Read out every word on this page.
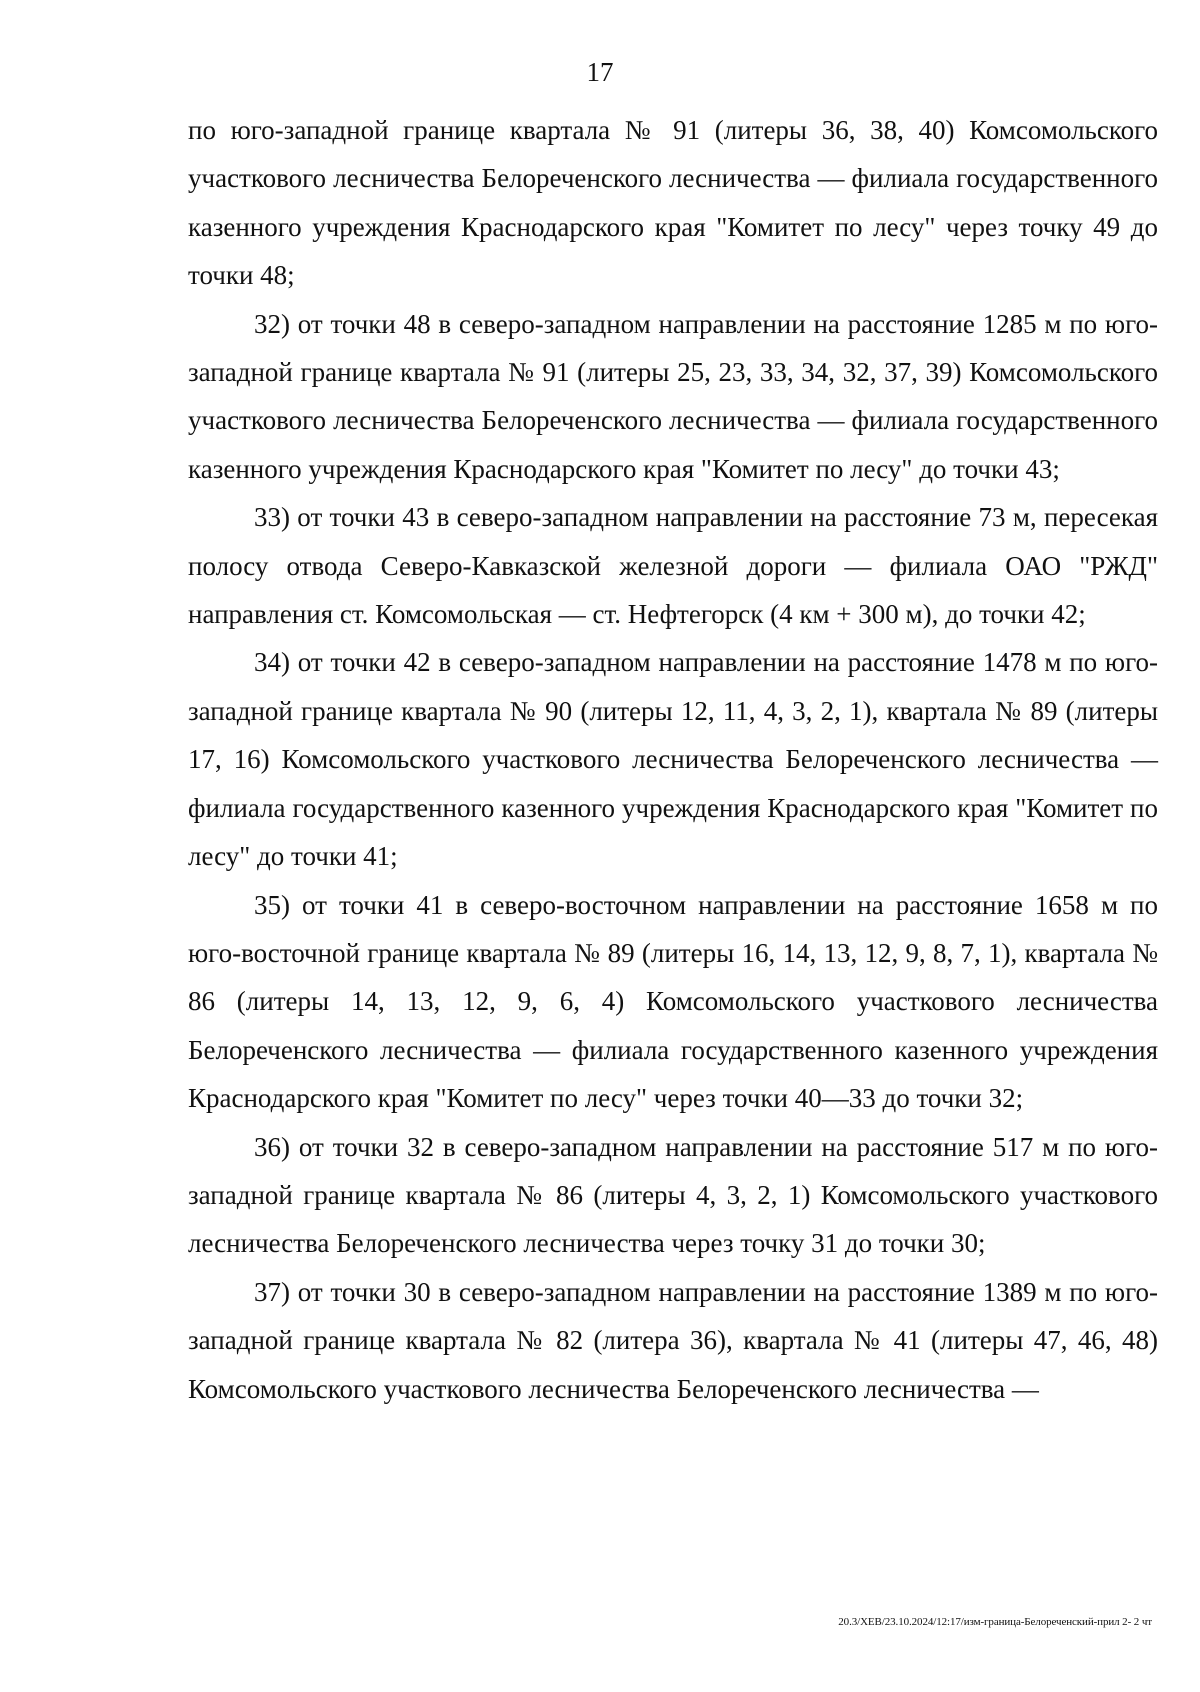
17

по юго-западной границе квартала № 91 (литеры 36, 38, 40) Комсомольского участкового лесничества Белореченского лесничества — филиала государственного казенного учреждения Краснодарского края "Комитет по лесу" через точку 49 до точки 48;

32) от точки 48 в северо-западном направлении на расстояние 1285 м по юго-западной границе квартала № 91 (литеры 25, 23, 33, 34, 32, 37, 39) Комсомольского участкового лесничества Белореченского лесничества — филиала государственного казенного учреждения Краснодарского края "Комитет по лесу" до точки 43;

33) от точки 43 в северо-западном направлении на расстояние 73 м, пересекая полосу отвода Северо-Кавказской железной дороги — филиала ОАО "РЖД" направления ст. Комсомольская — ст. Нефтегорск (4 км + 300 м), до точки 42;

34) от точки 42 в северо-западном направлении на расстояние 1478 м по юго-западной границе квартала № 90 (литеры 12, 11, 4, 3, 2, 1), квартала № 89 (литеры 17, 16) Комсомольского участкового лесничества Белореченского лесничества — филиала государственного казенного учреждения Краснодарского края "Комитет по лесу" до точки 41;

35) от точки 41 в северо-восточном направлении на расстояние 1658 м по юго-восточной границе квартала № 89 (литеры 16, 14, 13, 12, 9, 8, 7, 1), квартала № 86 (литеры 14, 13, 12, 9, 6, 4) Комсомольского участкового лесничества Белореченского лесничества — филиала государственного казенного учреждения Краснодарского края "Комитет по лесу" через точки 40—33 до точки 32;

36) от точки 32 в северо-западном направлении на расстояние 517 м по юго-западной границе квартала № 86 (литеры 4, 3, 2, 1) Комсомольского участкового лесничества Белореченского лесничества через точку 31 до точки 30;

37) от точки 30 в северо-западном направлении на расстояние 1389 м по юго-западной границе квартала № 82 (литера 36), квартала № 41 (литеры 47, 46, 48) Комсомольского участкового лесничества Белореченского лесничества —

20.3/ХЕВ/23.10.2024/12:17/изм-граница-Белореченский-прил 2- 2 чт
